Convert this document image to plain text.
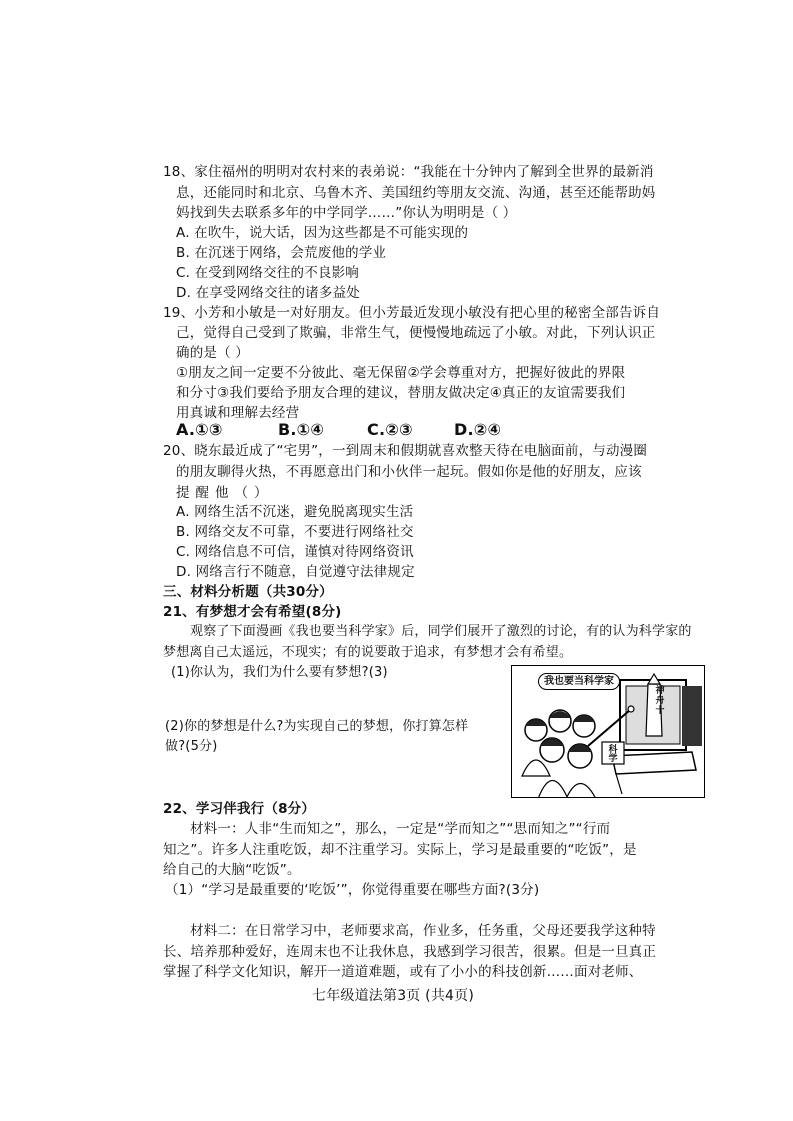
18、家住福州的明明对农村来的表弟说：“我能在十分钟内了解到全世界的最新消
息，还能同时和北京、乌鲁木齐、美国纽约等朋友交流、沟通，甚至还能帮助妈
妈找到失去联系多年的中学同学……”你认为明明是（ ）
A. 在吹牛，说大话，因为这些都是不可能实现的
B. 在沉迷于网络，会荒废他的学业
C. 在受到网络交往的不良影响
D. 在享受网络交往的诸多益处
19、小芳和小敏是一对好朋友。但小芳最近发现小敏没有把心里的秘密全部告诉自
己，觉得自己受到了欺骗，非常生气，便慢慢地疏远了小敏。对此，下列认识正
确的是（ ）
①朋友之间一定要不分彼此、毫无保留②学会尊重对方，把握好彼此的界限
和分寸③我们要给予朋友合理的建议，替朋友做决定④真正的友谊需要我们
用真诚和理解去经营
A.①③	B.①④	C.②③	D.②④
20、晓东最近成了“宅男”，一到周末和假期就喜欢整天待在电脑面前，与动漫圈
的朋友聊得火热，不再愿意出门和小伙伴一起玩。假如你是他的好朋友，应该
提醒他（）
A. 网络生活不沉迷，避免脱离现实生活
B. 网络交友不可靠，不要进行网络社交
C. 网络信息不可信，谨慎对待网络资讯
D. 网络言行不随意，自觉遵守法律规定
三、材料分析题（共30分）
21、有梦想才会有希望(8分)
观察了下面漫画《我也要当科学家》后，同学们展开了激烈的讨论，有的认为科学家的
梦想离自己太遥远，不现实；有的说要敢于追求，有梦想才会有希望。
(1)你认为，我们为什么要有梦想?(3)
(2)你的梦想是什么?为实现自己的梦想，你打算怎样
做?(5分)
我也要当科学家
神舟十
科学
22、学习伴我行（8分）
材料一：人非“生而知之”，那么，一定是“学而知之”“思而知之”“行而
知之”。许多人注重吃饭，却不注重学习。实际上，学习是最重要的“吃饭”，是
给自己的大脑“吃饭”。
（1）“学习是最重要的‘吃饭’”，你觉得重要在哪些方面?(3分)
材料二：在日常学习中，老师要求高，作业多，任务重，父母还要我学这种特
长、培养那种爱好，连周末也不让我休息，我感到学习很苦，很累。但是一旦真正
掌握了科学文化知识，解开一道道难题，或有了小小的科技创新……面对老师、
七年级道法第3页 (共4页)
